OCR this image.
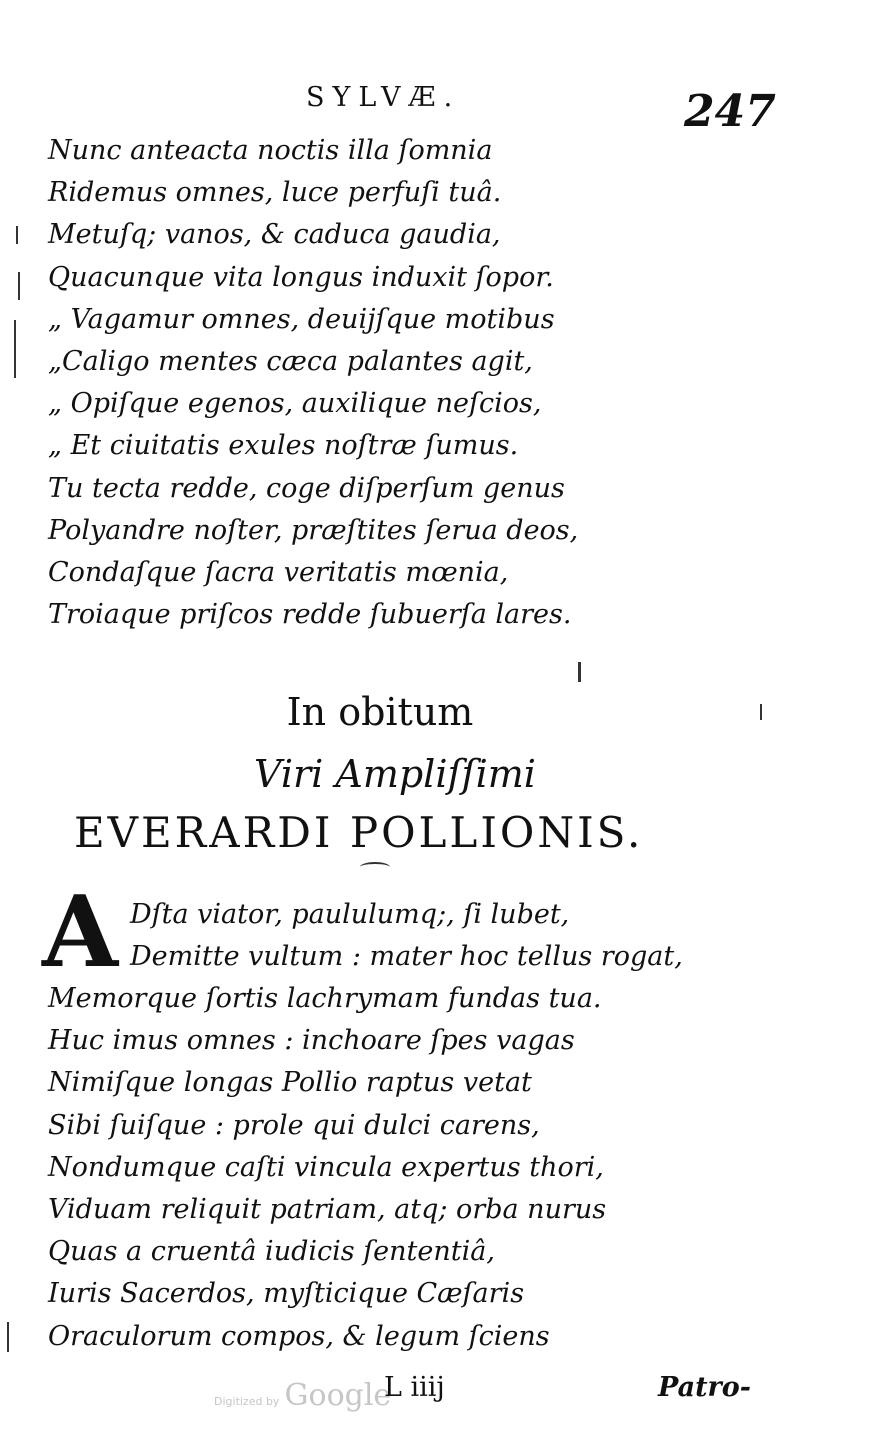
SYLVÆ.	247
Nunc anteacta noctis illa ſomnia
Ridemus omnes, luce perfuſi tuâ.
Metuſq; vanos, & caduca gaudia,
Quacunque vita longus induxit ſopor.
„ Vagamur omnes, deuijſque motibus
„Caligo mentes cæca palantes agit,
„ Opiſque egenos, auxilique neſcios,
„ Et ciuitatis exules noſtræ ſumus.
Tu tecta redde, coge diſperſum genus
Polyandre noſter, præſtites ſerua deos,
Condaſque ſacra veritatis mœnia,
Troiaque priſcos redde ſubuerſa lares.
In obitum
Viri Ampliſſimi
EVERARDI POLLIONIS.
A Dſta viator, paululumq;, ſi lubet,
Demitte vultum : mater hoc tellus rogat,
Memorque ſortis lachrymam fundas tua.
Huc imus omnes : inchoare ſpes vagas
Nimiſque longas Pollio raptus vetat
Sibi ſuiſque : prole qui dulci carens,
Nondumque caſti vincula expertus thori,
Viduam reliquit patriam, atq; orba nurus
Quas a cruentâ iudicis ſententiâ,
Iuris Sacerdos, myſticique Cæſaris
Oraculorum compos, & legum ſciens
Digitized by Google
L iiij	Patro-
